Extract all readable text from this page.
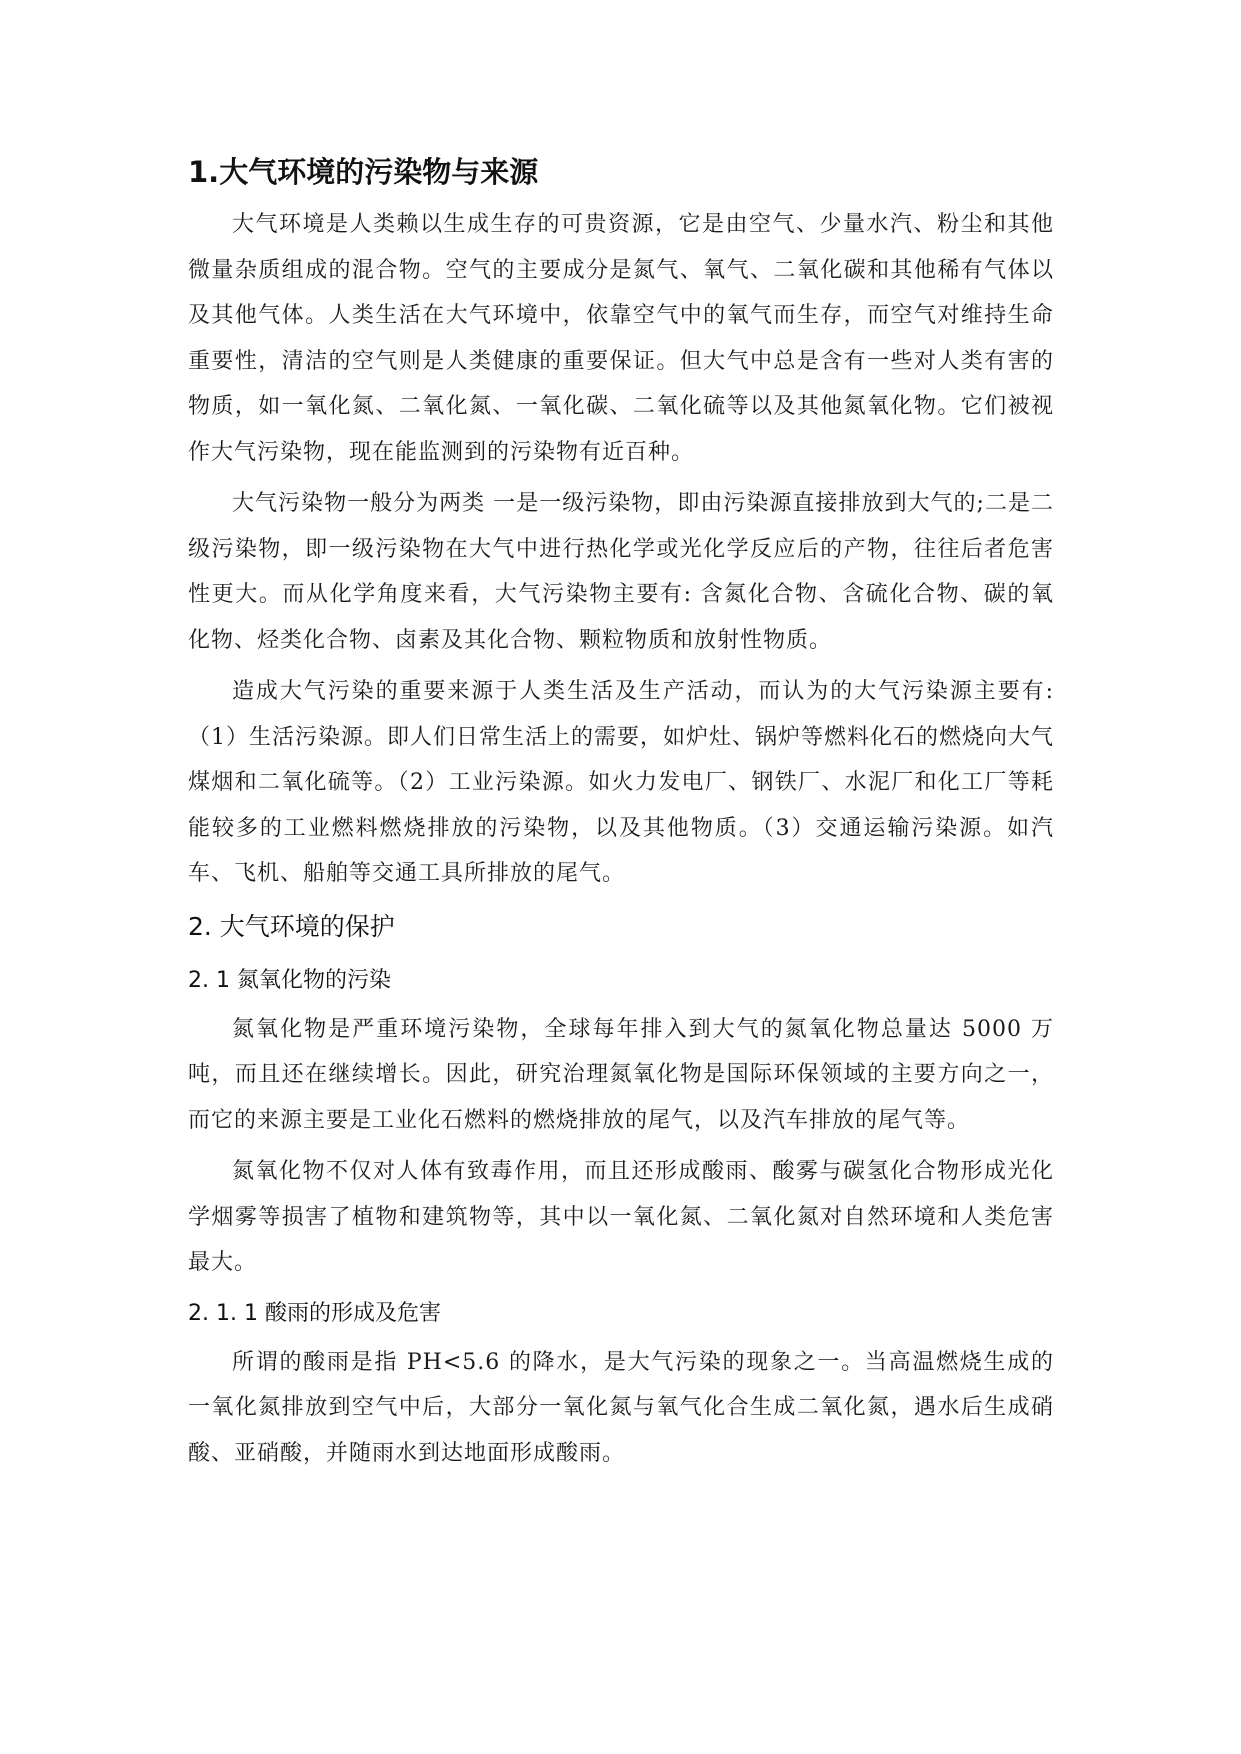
1.大气环境的污染物与来源

大气环境是人类赖以生成生存的可贵资源，它是由空气、少量水汽、粉尘和其他微量杂质组成的混合物。空气的主要成分是氮气、氧气、二氧化碳和其他稀有气体以及其他气体。人类生活在大气环境中，依靠空气中的氧气而生存，而空气对维持生命重要性，清洁的空气则是人类健康的重要保证。但大气中总是含有一些对人类有害的物质，如一氧化氮、二氧化氮、一氧化碳、二氧化硫等以及其他氮氧化物。它们被视作大气污染物，现在能监测到的污染物有近百种。

大气污染物一般分为两类 一是一级污染物，即由污染源直接排放到大气的;二是二级污染物，即一级污染物在大气中进行热化学或光化学反应后的产物，往往后者危害性更大。而从化学角度来看，大气污染物主要有: 含氮化合物、含硫化合物、碳的氧化物、烃类化合物、卤素及其化合物、颗粒物质和放射性物质。

造成大气污染的重要来源于人类生活及生产活动，而认为的大气污染源主要有:（1）生活污染源。即人们日常生活上的需要，如炉灶、锅炉等燃料化石的燃烧向大气煤烟和二氧化硫等。（2）工业污染源。如火力发电厂、钢铁厂、水泥厂和化工厂等耗能较多的工业燃料燃烧排放的污染物，以及其他物质。（3）交通运输污染源。如汽车、飞机、船舶等交通工具所排放的尾气。

2. 大气环境的保护
2. 1 氮氧化物的污染

氮氧化物是严重环境污染物，全球每年排入到大气的氮氧化物总量达 5000 万吨，而且还在继续增长。因此，研究治理氮氧化物是国际环保领域的主要方向之一，而它的来源主要是工业化石燃料的燃烧排放的尾气，以及汽车排放的尾气等。

氮氧化物不仅对人体有致毒作用，而且还形成酸雨、酸雾与碳氢化合物形成光化学烟雾等损害了植物和建筑物等，其中以一氧化氮、二氧化氮对自然环境和人类危害最大。

2. 1. 1 酸雨的形成及危害

所谓的酸雨是指 PH<5.6 的降水，是大气污染的现象之一。当高温燃烧生成的一氧化氮排放到空气中后，大部分一氧化氮与氧气化合生成二氧化氮，遇水后生成硝酸、亚硝酸，并随雨水到达地面形成酸雨。
